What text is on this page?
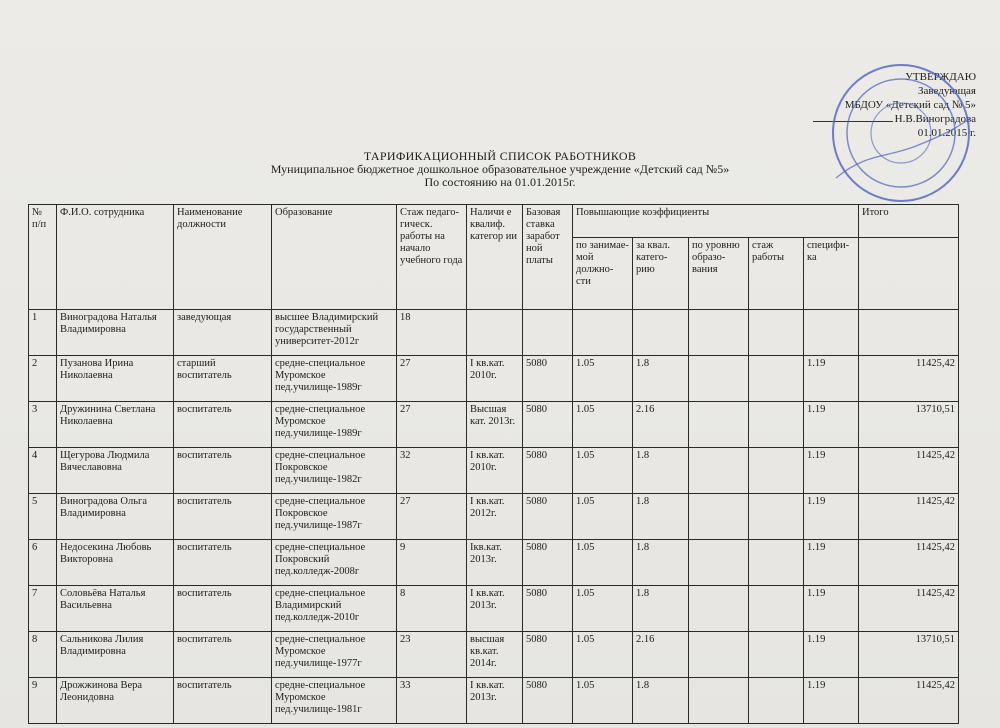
УТВЕРЖДАЮ
Заведующая
МБДОУ «Детский сад № 5»
Н.В.Виноградова
01.01.2015 г.
ТАРИФИКАЦИОННЫЙ СПИСОК РАБОТНИКОВ
Муниципальное бюджетное дошкольное образовательное учреждение «Детский сад №5»
По состоянию на 01.01.2015г.
№ п/п	Ф.И.О. сотрудника	Наименование должности	Образование	Стаж педаго- гическ. работы на начало учебного года	Наличи е квалиф. категор ии	Базовая ставка заработ ной платы	Повышающие коэффициенты					Итого
							по занимае- мой должно- сти	за квал. катего- рию	по уровню образо- вания	стаж работы	специфи- ка	
1	Виноградова Наталья Владимировна	заведующая	высшее Владимирский государственный университет-2012г	18								
2	Пузанова Ирина Николаевна	старший воспитатель	средне-специальное Муромское пед.училище-1989г	27	I кв.кат. 2010г.	5080	1.05	1.8			1.19	11425,42
3	Дружинина Светлана Николаевна	воспитатель	средне-специальное Муромское пед.училище-1989г	27	Высшая кат. 2013г.	5080	1.05	2.16			1.19	13710,51
4	Щегурова Людмила Вячеславовна	воспитатель	средне-специальное Покровское пед.училище-1982г	32	I кв.кат. 2010г.	5080	1.05	1.8			1.19	11425,42
5	Виноградова Ольга Владимировна	воспитатель	средне-специальное Покровское пед.училище-1987г	27	I кв.кат. 2012г.	5080	1.05	1.8			1.19	11425,42
6	Недосекина Любовь Викторовна	воспитатель	средне-специальное Покровский пед.колледж-2008г	9	Iкв.кат. 2013г.	5080	1.05	1.8			1.19	11425,42
7	Соловьёва Наталья Васильевна	воспитатель	средне-специальное Владимирский пед.колледж-2010г	8	I кв.кат. 2013г.	5080	1.05	1.8			1.19	11425,42
8	Сальникова Лилия Владимировна	воспитатель	средне-специальное Муромское пед.училище-1977г	23	высшая кв.кат. 2014г.	5080	1.05	2.16			1.19	13710,51
9	Дрожжинова Вера Леонидовна	воспитатель	средне-специальное Муромское пед.училище-1981г	33	I кв.кат. 2013г.	5080	1.05	1.8			1.19	11425,42
